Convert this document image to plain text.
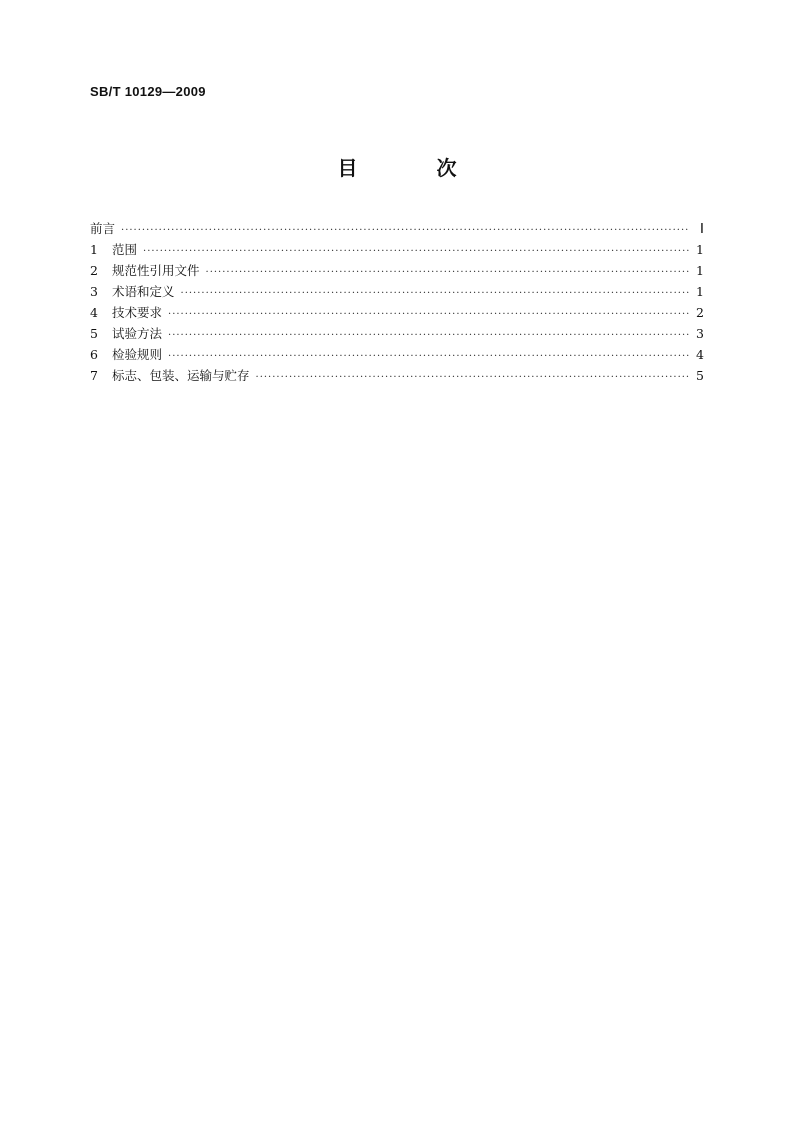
SB/T 10129—2009
目 次
前言 ·····	Ⅰ
1	范围 ·····	1
2	规范性引用文件 ·····	1
3	术语和定义 ·····	1
4	技术要求 ·····	2
5	试验方法 ·····	3
6	检验规则 ·····	4
7	标志、包装、运输与贮存 ·····	5
